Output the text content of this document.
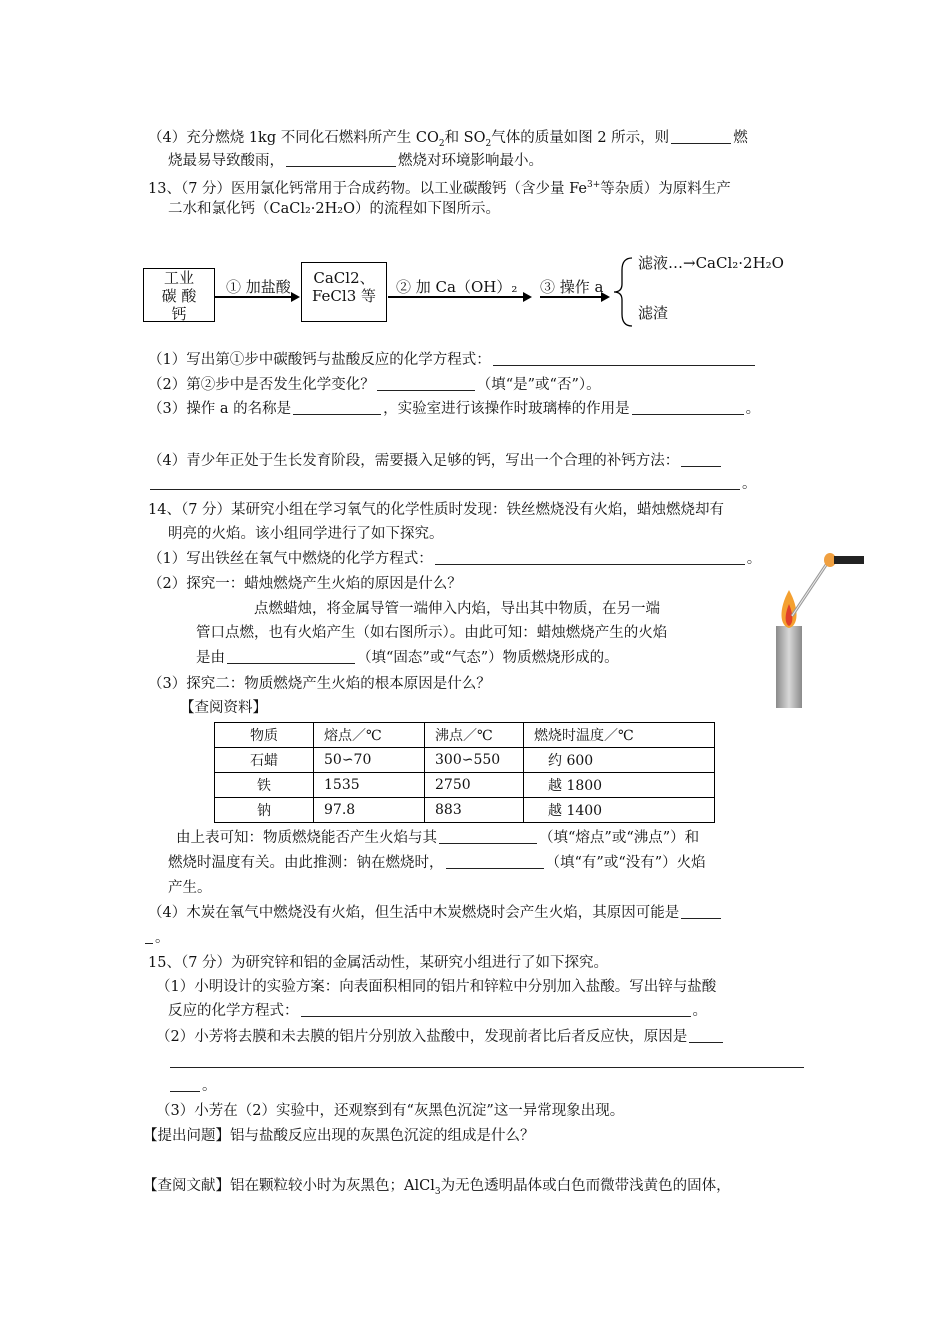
（4）充分燃烧 1kg 不同化石燃料所产生 $CO_2$和 $SO_2$气体的质量如图 2 所示，则	燃
烧最易导致酸雨，	燃烧对环境影响最小。
13、（7 分）医用氯化钙常用于合成药物。以工业碳酸钙（含少量 $Fe^{3+}$等杂质）为原料生产
二水和氯化钙（CaCl₂·2H₂O）的流程如下图所示。
工业
碳 酸
钙
① 加盐酸	CaCl2、
FeCl3 等	② 加 Ca（OH）₂ ③ 操作 a
滤液…→CaCl₂·2H₂O
滤渣
（1）写出第①步中碳酸钙与盐酸反应的化学方程式：
（2）第②步中是否发生化学变化？	（填“是”或“否”）。
（3）操作 a 的名称是	，实验室进行该操作时玻璃棒的作用是	。
（4）青少年正处于生长发育阶段，需要摄入足够的钙，写出一个合理的补钙方法：
。
14、（7 分）某研究小组在学习氧气的化学性质时发现：铁丝燃烧没有火焰，蜡烛燃烧却有
明亮的火焰。该小组同学进行了如下探究。
（1）写出铁丝在氧气中燃烧的化学方程式：	。
（2）探究一：蜡烛燃烧产生火焰的原因是什么？
点燃蜡烛，将金属导管一端伸入内焰，导出其中物质，在另一端
管口点燃，也有火焰产生（如右图所示）。由此可知：蜡烛燃烧产生的火焰
是由	（填“固态”或“气态”）物质燃烧形成的。
（3）探究二：物质燃烧产生火焰的根本原因是什么？
【查阅资料】
物质	熔点／℃	沸点／℃	燃烧时温度／℃
石蜡	50∽70	300∽550	约 600
铁	1535	2750	越 1800
钠	97.8	883	越 1400
由上表可知：物质燃烧能否产生火焰与其	（填“熔点”或“沸点”）和
燃烧时温度有关。由此推测：钠在燃烧时，	（填“有”或“没有”）火焰
产生。
（4）木炭在氧气中燃烧没有火焰，但生活中木炭燃烧时会产生火焰，其原因可能是
。
15、（7 分）为研究锌和铝的金属活动性，某研究小组进行了如下探究。
（1）小明设计的实验方案：向表面积相同的铝片和锌粒中分别加入盐酸。写出锌与盐酸
反应的化学方程式：	。
（2）小芳将去膜和未去膜的铝片分别放入盐酸中，发现前者比后者反应快，原因是
。
（3）小芳在（2）实验中，还观察到有“灰黑色沉淀”这一异常现象出现。
【提出问题】铝与盐酸反应出现的灰黑色沉淀的组成是什么？
【查阅文献】铝在颗粒较小时为灰黑色；AlCl$_3$为无色透明晶体或白色而微带浅黄色的固体，
